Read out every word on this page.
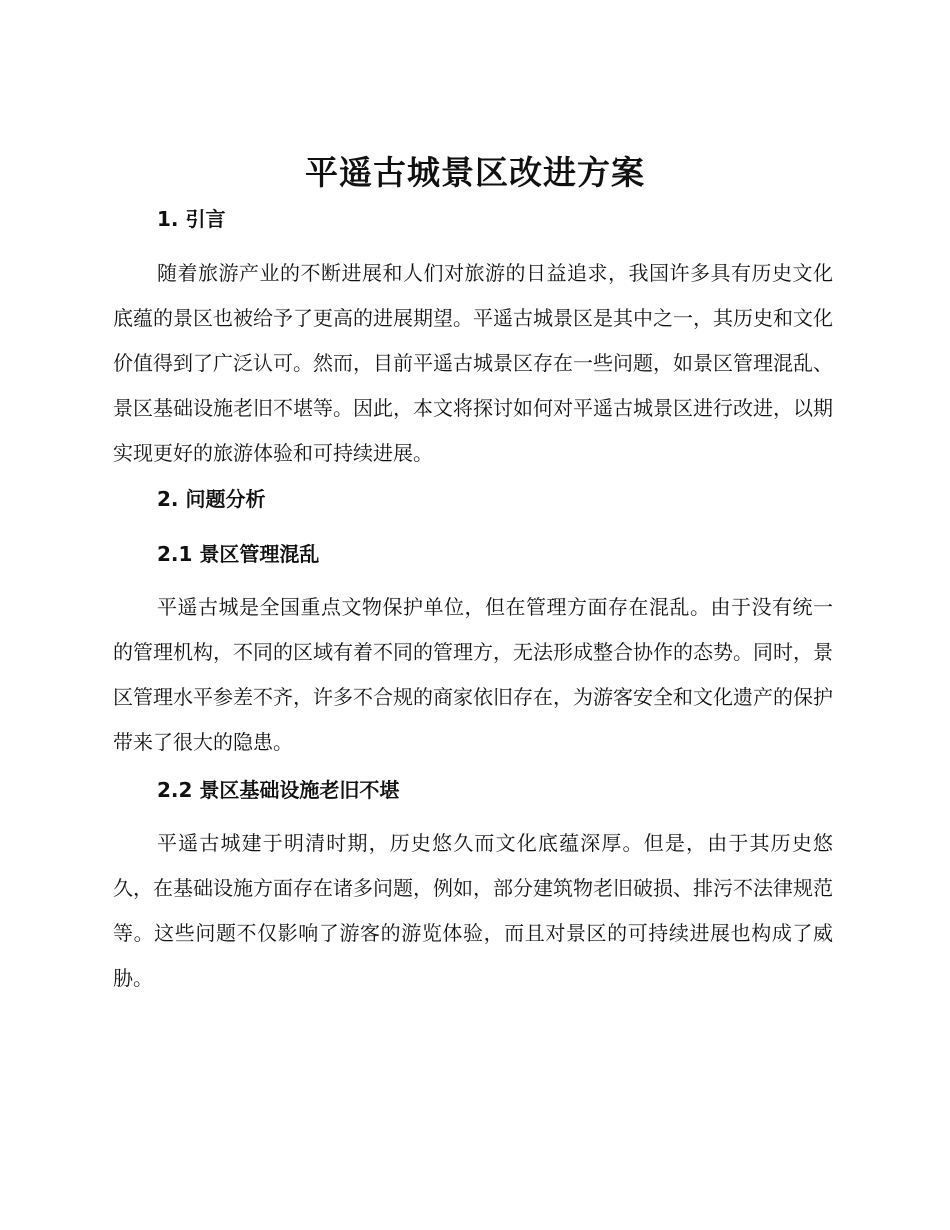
平遥古城景区改进方案
1. 引言

随着旅游产业的不断进展和人们对旅游的日益追求，我国许多具有历史文化底蕴的景区也被给予了更高的进展期望。平遥古城景区是其中之一，其历史和文化价值得到了广泛认可。然而，目前平遥古城景区存在一些问题，如景区管理混乱、景区基础设施老旧不堪等。因此，本文将探讨如何对平遥古城景区进行改进，以期实现更好的旅游体验和可持续进展。

2. 问题分析
2.1 景区管理混乱

平遥古城是全国重点文物保护单位，但在管理方面存在混乱。由于没有统一的管理机构，不同的区域有着不同的管理方，无法形成整合协作的态势。同时，景区管理水平参差不齐，许多不合规的商家依旧存在，为游客安全和文化遗产的保护带来了很大的隐患。

2.2 景区基础设施老旧不堪

平遥古城建于明清时期，历史悠久而文化底蕴深厚。但是，由于其历史悠久，在基础设施方面存在诸多问题，例如，部分建筑物老旧破损、排污不法律规范等。这些问题不仅影响了游客的游览体验，而且对景区的可持续进展也构成了威胁。
